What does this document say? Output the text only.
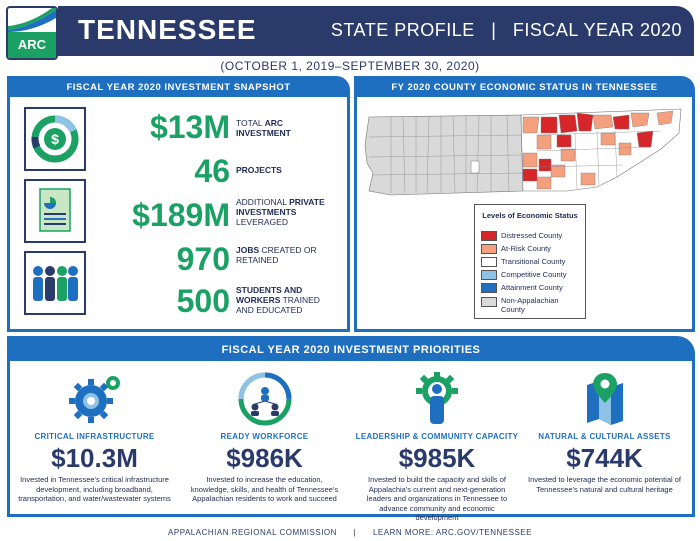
ARC	TENNESSEE	STATE PROFILE   |   FISCAL YEAR 2020
(OCTOBER 1, 2019–SEPTEMBER 30, 2020)
FISCAL YEAR 2020 INVESTMENT SNAPSHOT
$	$13M TOTAL ARC INVESTMENT
46 PROJECTS
$189M ADDITIONAL PRIVATE INVESTMENTS LEVERAGED
970 JOBS CREATED OR RETAINED
500 STUDENTS AND WORKERS TRAINED AND EDUCATED
FY 2020 COUNTY ECONOMIC STATUS IN TENNESSEE
Levels of Economic Status
Distressed County
At-Risk County
Transitional County
Competitive County
Attainment County
Non-Appalachian County
FISCAL YEAR 2020 INVESTMENT PRIORITIES
CRITICAL INFRASTRUCTURE
$10.3M
Invested in Tennessee's critical infrastructure development, including broadband, transportation, and water/wastewater systems
READY WORKFORCE
$986K
Invested to increase the education, knowledge, skills, and health of Tennessee's Appalachian residents to work and succeed
LEADERSHIP & COMMUNITY CAPACITY
$985K
Invested to build the capacity and skills of Appalachia's current and next-generation leaders and organizations in Tennessee to advance community and economic development
NATURAL & CULTURAL ASSETS
$744K
Invested to leverage the economic potential of Tennessee's natural and cultural heritage
APPALACHIAN REGIONAL COMMISSION | LEARN MORE: ARC.GOV/TENNESSEE
